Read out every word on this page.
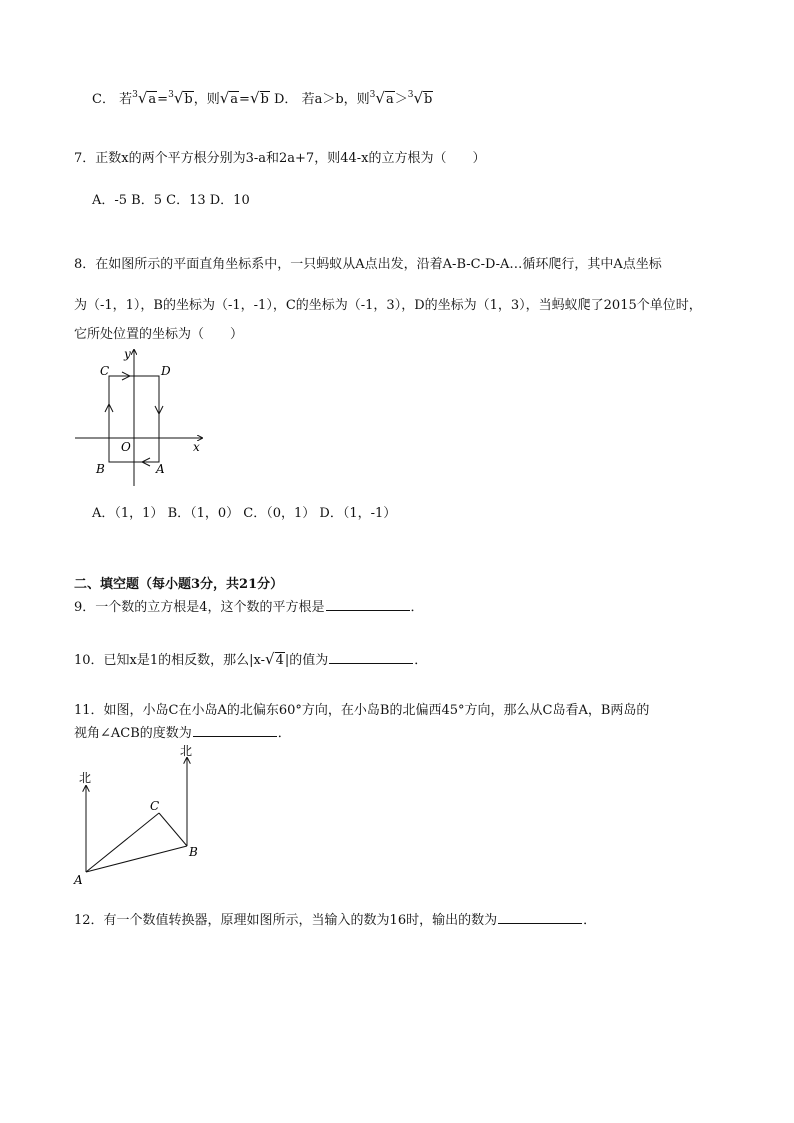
C． 若$^3$√a=$^3$√b，则√a=√b D． 若a＞b，则$^3$√a＞$^3$√b
7．正数x的两个平方根分别为3-a和2a+7，则44-x的立方根为（　　）
A．-5 B．5 C．13 D．10
8．在如图所示的平面直角坐标系中，一只蚂蚁从A点出发，沿着A-B-C-D-A…循环爬行，其中A点坐标
为（-1，1），B的坐标为（-1，-1），C的坐标为（-1，3），D的坐标为（1，3），当蚂蚁爬了2015个单位时，
它所处位置的坐标为（　　）
y
x
O
C	D
B	A
A．（1，1） B．（1，0） C．（0，1） D．（1，-1）
二、填空题（每小题3分，共21分）
9．一个数的立方根是4，这个数的平方根是	．
10．已知x是1的相反数，那么|x-√4|的值为	．
11．如图，小岛C在小岛A的北偏东60°方向，在小岛B的北偏西45°方向，那么从C岛看A，B两岛的
视角∠ACB的度数为	．
北
北
C
B
A
12．有一个数值转换器，原理如图所示，当输入的数为16时，输出的数为	．
